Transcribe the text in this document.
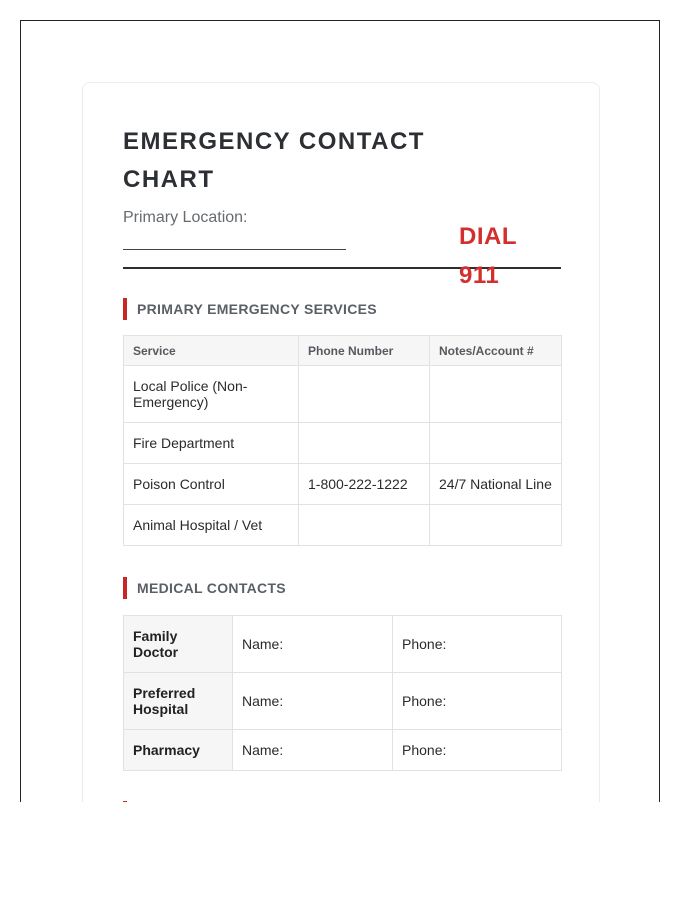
EMERGENCY CONTACT CHART
Primary Location:
DIAL 911
PRIMARY EMERGENCY SERVICES
Service	Phone Number	Notes/Account #
Local Police (Non-Emergency)		
Fire Department		
Poison Control	1-800-222-1222	24/7 National Line
Animal Hospital / Vet		
MEDICAL CONTACTS
Family Doctor	Name:	Phone:
Preferred Hospital	Name:	Phone:
Pharmacy	Name:	Phone:
